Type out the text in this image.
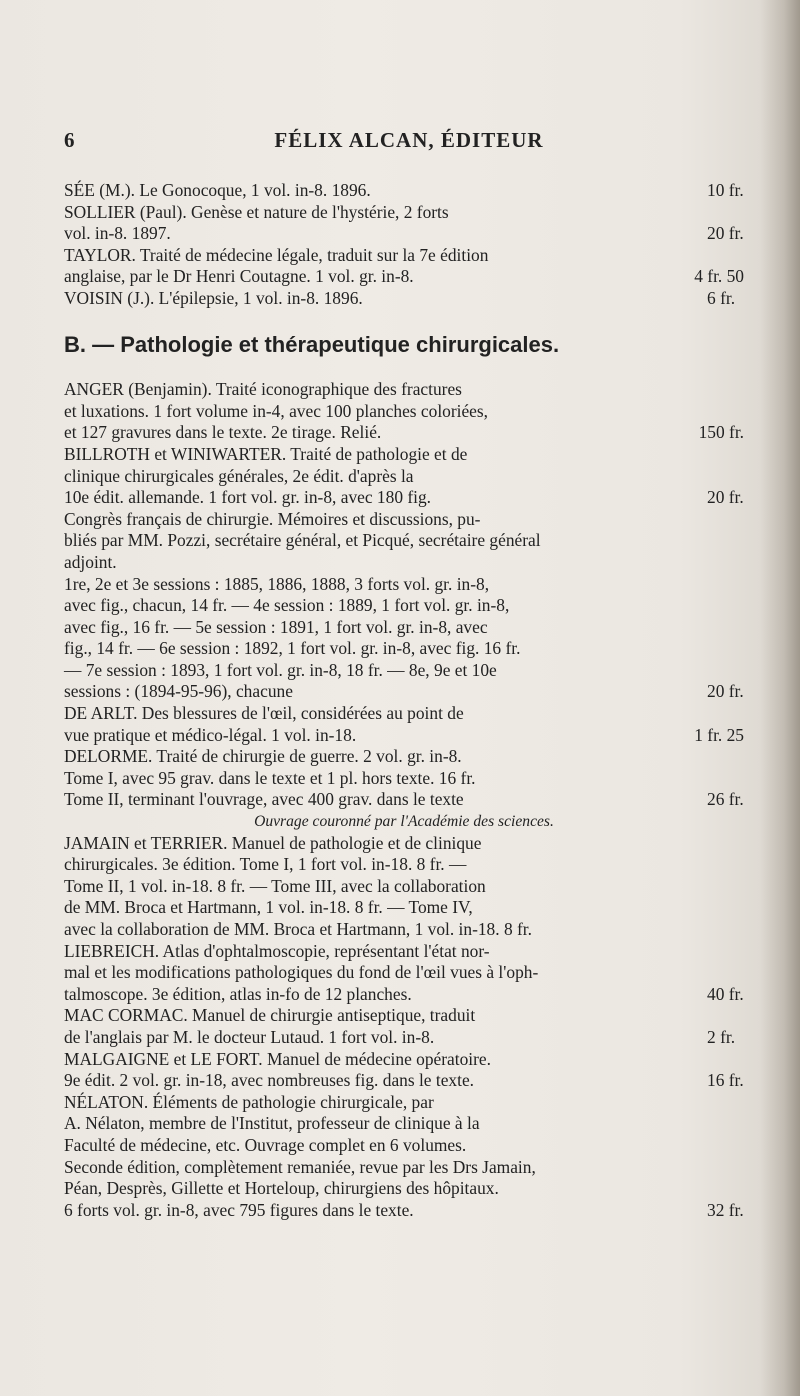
6	FÉLIX ALCAN, ÉDITEUR
10 fr.
SÉE (M.). Le Gonocoque, 1 vol. in-8. 1896.
SOLLIER (Paul). Genèse et nature de l'hystérie, 2 forts
20 fr.
vol. in-8. 1897.
TAYLOR. Traité de médecine légale, traduit sur la 7e édition
4 fr. 50
anglaise, par le Dr Henri Coutagne. 1 vol. gr. in-8.
6 fr.
VOISIN (J.). L'épilepsie, 1 vol. in-8. 1896.
B. — Pathologie et thérapeutique chirurgicales.
ANGER (Benjamin). Traité iconographique des fractures
et luxations. 1 fort volume in-4, avec 100 planches coloriées,
150 fr.
et 127 gravures dans le texte. 2e tirage. Relié.
BILLROTH et WINIWARTER. Traité de pathologie et de
clinique chirurgicales générales, 2e édit. d'après la
20 fr.
10e édit. allemande. 1 fort vol. gr. in-8, avec 180 fig.
Congrès français de chirurgie. Mémoires et discussions, pu-
bliés par MM. Pozzi, secrétaire général, et Picqué, secrétaire général
adjoint.
1re, 2e et 3e sessions : 1885, 1886, 1888, 3 forts vol. gr. in-8,
avec fig., chacun, 14 fr. — 4e session : 1889, 1 fort vol. gr. in-8,
avec fig., 16 fr. — 5e session : 1891, 1 fort vol. gr. in-8, avec
fig., 14 fr. — 6e session : 1892, 1 fort vol. gr. in-8, avec fig. 16 fr.
— 7e session : 1893, 1 fort vol. gr. in-8, 18 fr. — 8e, 9e et 10e
20 fr.
sessions : (1894-95-96), chacune
DE ARLT. Des blessures de l'œil, considérées au point de
1 fr. 25
vue pratique et médico-légal. 1 vol. in-18.
DELORME. Traité de chirurgie de guerre. 2 vol. gr. in-8.
Tome I, avec 95 grav. dans le texte et 1 pl. hors texte. 16 fr.
26 fr.
Tome II, terminant l'ouvrage, avec 400 grav. dans le texte
Ouvrage couronné par l'Académie des sciences.
JAMAIN et TERRIER. Manuel de pathologie et de clinique
chirurgicales. 3e édition. Tome I, 1 fort vol. in-18. 8 fr. —
Tome II, 1 vol. in-18. 8 fr. — Tome III, avec la collaboration
de MM. Broca et Hartmann, 1 vol. in-18. 8 fr. — Tome IV,
avec la collaboration de MM. Broca et Hartmann, 1 vol. in-18. 8 fr.
LIEBREICH. Atlas d'ophtalmoscopie, représentant l'état nor-
mal et les modifications pathologiques du fond de l'œil vues à l'oph-
40 fr.
talmoscope. 3e édition, atlas in-fo de 12 planches.
MAC CORMAC. Manuel de chirurgie antiseptique, traduit
2 fr.
de l'anglais par M. le docteur Lutaud. 1 fort vol. in-8.
MALGAIGNE et LE FORT. Manuel de médecine opératoire.
16 fr.
9e édit. 2 vol. gr. in-18, avec nombreuses fig. dans le texte.
NÉLATON. Éléments de pathologie chirurgicale, par
A. Nélaton, membre de l'Institut, professeur de clinique à la
Faculté de médecine, etc. Ouvrage complet en 6 volumes.
Seconde édition, complètement remaniée, revue par les Drs Jamain,
Péan, Desprès, Gillette et Horteloup, chirurgiens des hôpitaux.
32 fr.
6 forts vol. gr. in-8, avec 795 figures dans le texte.
